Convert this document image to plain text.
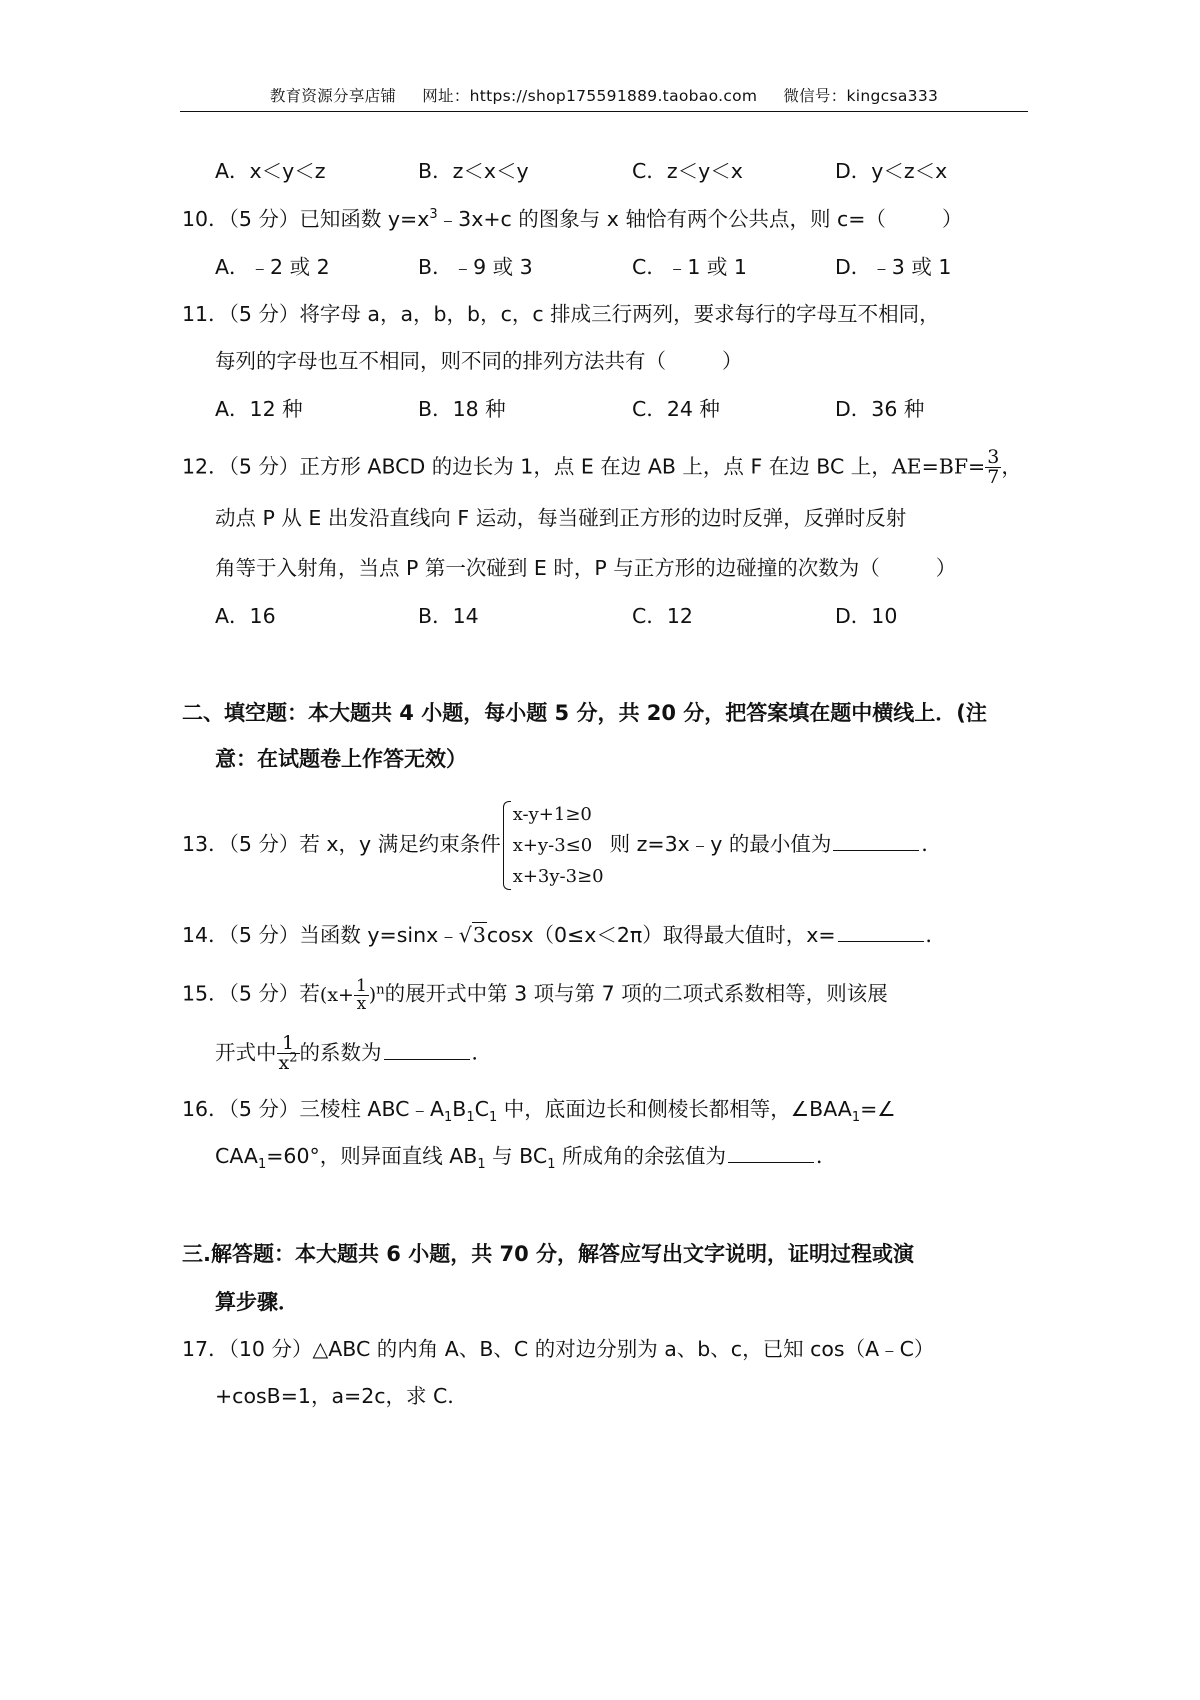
教育资源分享店铺 网址：https://shop175591889.taobao.com 微信号：kingcsa333
A．x＜y＜z	B．z＜x＜y	C．z＜y＜x	D．y＜z＜x
10．（5 分）已知函数 $y=x^3﹣3x+c$ 的图象与 x 轴恰有两个公共点，则 c=（	）
A．﹣2 或 2	B．﹣9 或 3	C．﹣1 或 1	D．﹣3 或 1
11．（5 分）将字母 a，a，b，b，c，c 排成三行两列，要求每行的字母互不相同，
每列的字母也互不相同，则不同的排列方法共有（	）
A．12 种	B．18 种	C．24 种	D．36 种
12．（5 分）正方形 ABCD 的边长为 1，点 E 在边 AB 上，点 F 在边 BC 上，$AE=BF= \frac{3}{7}$ ，
动点 P 从 E 出发沿直线向 F 运动，每当碰到正方形的边时反弹，反弹时反射
角等于入射角，当点 P 第一次碰到 E 时，P 与正方形的边碰撞的次数为（	）
A．16	B．14	C．12	D．10
二、填空题：本大题共 4 小题，每小题 5 分，共 20 分，把答案填在题中横线上．(注
意：在试题卷上作答无效）
13．（5 分）若 x，y 满足约束条件
x-y+1≥0
x+y-3≤0
x+3y-3≥0
则 z=3x﹣y 的最小值为	．
14．（5 分）当函数 y=sinx﹣√3cosx（0≤x＜2π）取得最大值时，x=	．
15．（5 分）若$(x+ \frac{1}{x} )^n$的展开式中第 3 项与第 7 项的二项式系数相等，则该展
开式中 $\frac{1}{x^2}$ 的系数为	．
16．（5 分）三棱柱 $ABC﹣A_1B_1C_1$ 中，底面边长和侧棱长都相等，$\angle BAA_1=\angle$
$CAA_1=60^\circ$，则异面直线 $AB_1$ 与 $BC_1$ 所成角的余弦值为	．
三.解答题：本大题共 6 小题，共 70 分，解答应写出文字说明，证明过程或演
算步骤．
17．（10 分）△ABC 的内角 A、B、C 的对边分别为 a、b、c，已知 cos（A﹣C）
+cosB=1，a=2c，求 C．
